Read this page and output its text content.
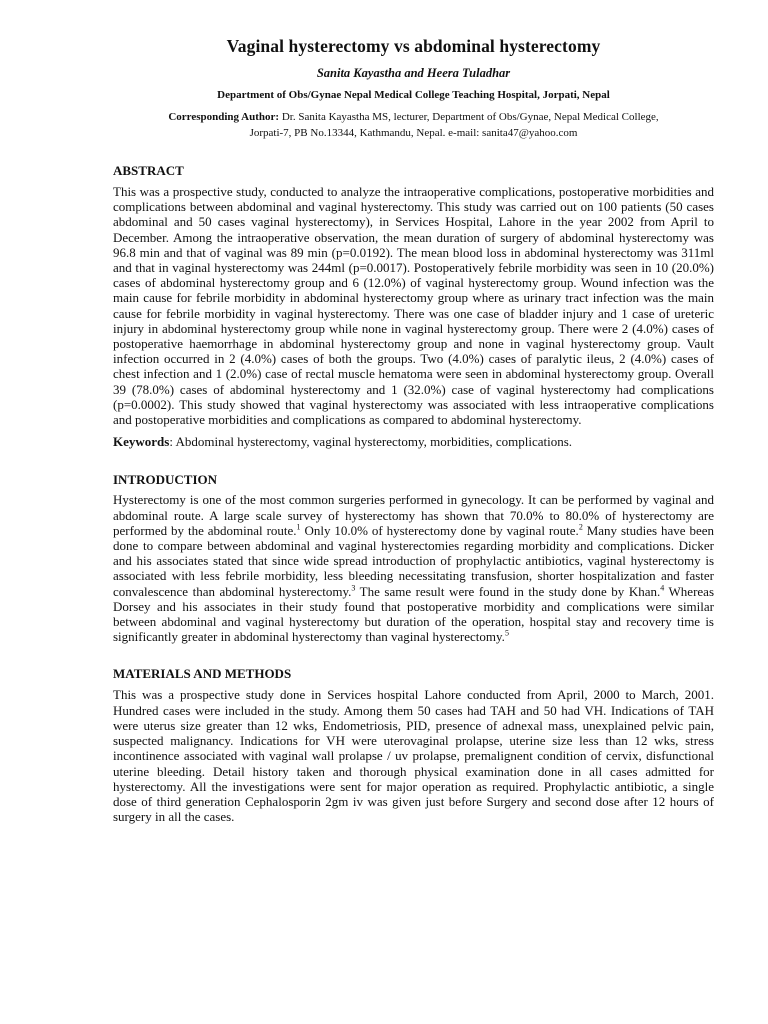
Vaginal hysterectomy vs abdominal hysterectomy
Sanita Kayastha and Heera Tuladhar
Department of Obs/Gynae Nepal Medical College Teaching Hospital, Jorpati, Nepal
Corresponding Author: Dr. Sanita Kayastha MS, lecturer, Department of Obs/Gynae, Nepal Medical College,
Jorpati-7, PB No.13344, Kathmandu, Nepal. e-mail: sanita47@yahoo.com
ABSTRACT

This was a prospective study, conducted to analyze the intraoperative complications, postoperative morbidities and complications between abdominal and vaginal hysterectomy. This study was carried out on 100 patients (50 cases abdominal and 50 cases vaginal hysterectomy), in Services Hospital, Lahore in the year 2002 from April to December. Among the intraoperative observation, the mean duration of surgery of abdominal hysterectomy was 96.8 min and that of vaginal was 89 min (p=0.0192). The mean blood loss in abdominal hysterectomy was 311ml and that in vaginal hysterectomy was 244ml (p=0.0017). Postoperatively febrile morbidity was seen in 10 (20.0%) cases of abdominal hysterectomy group and 6 (12.0%) of vaginal hysterectomy group. Wound infection was the main cause for febrile morbidity in abdominal hysterectomy group where as urinary tract infection was the main cause for febrile morbidity in vaginal hysterectomy. There was one case of bladder injury and 1 case of ureteric injury in abdominal hysterectomy group while none in vaginal hysterectomy group. There were 2 (4.0%) cases of postoperative haemorrhage in abdominal hysterectomy group and none in vaginal hysterectomy group. Vault infection occurred in 2 (4.0%) cases of both the groups. Two (4.0%) cases of paralytic ileus, 2 (4.0%) cases of chest infection and 1 (2.0%) case of rectal muscle hematoma were seen in abdominal hysterectomy group. Overall 39 (78.0%) cases of abdominal hysterectomy and 1 (32.0%) case of vaginal hysterectomy had complications (p=0.0002). This study showed that vaginal hysterectomy was associated with less intraoperative complications and postoperative morbidities and complications as compared to abdominal hysterectomy.

Keywords: Abdominal hysterectomy, vaginal hysterectomy, morbidities, complications.

INTRODUCTION

Hysterectomy is one of the most common surgeries performed in gynecology. It can be performed by vaginal and abdominal route. A large scale survey of hysterectomy has shown that 70.0% to 80.0% of hysterectomy are performed by the abdominal route.$^1$ Only 10.0% of hysterectomy done by vaginal route.$^2$ Many studies have been done to compare between abdominal and vaginal hysterectomies regarding morbidity and complications. Dicker and his associates stated that since wide spread introduction of prophylactic antibiotics, vaginal hysterectomy is associated with less febrile morbidity, less bleeding necessitating transfusion, shorter hospitalization and faster convalescence than abdominal hysterectomy.$^3$ The same result were found in the study done by Khan.$^4$ Whereas Dorsey and his associates in their study found that postoperative morbidity and complications were similar between abdominal and vaginal hysterectomy but duration of the operation, hospital stay and recovery time is significantly greater in abdominal hysterectomy than vaginal hysterectomy.$^5$

MATERIALS AND METHODS

This was a prospective study done in Services hospital Lahore conducted from April, 2000 to March, 2001. Hundred cases were included in the study. Among them 50 cases had TAH and 50 had VH. Indications of TAH were uterus size greater than 12 wks, Endometriosis, PID, presence of adnexal mass, unexplained pelvic pain, suspected malignancy. Indications for VH were uterovaginal prolapse, uterine size less than 12 wks, stress incontinence associated with vaginal wall prolapse / uv prolapse, premalignent condition of cervix, disfunctional uterine bleeding. Detail history taken and thorough physical examination done in all cases admitted for hysterectomy. All the investigations were sent for major operation as required. Prophylactic antibiotic, a single dose of third generation Cephalosporin 2gm iv was given just before Surgery and second dose after 12 hours of surgery in all the cases.
